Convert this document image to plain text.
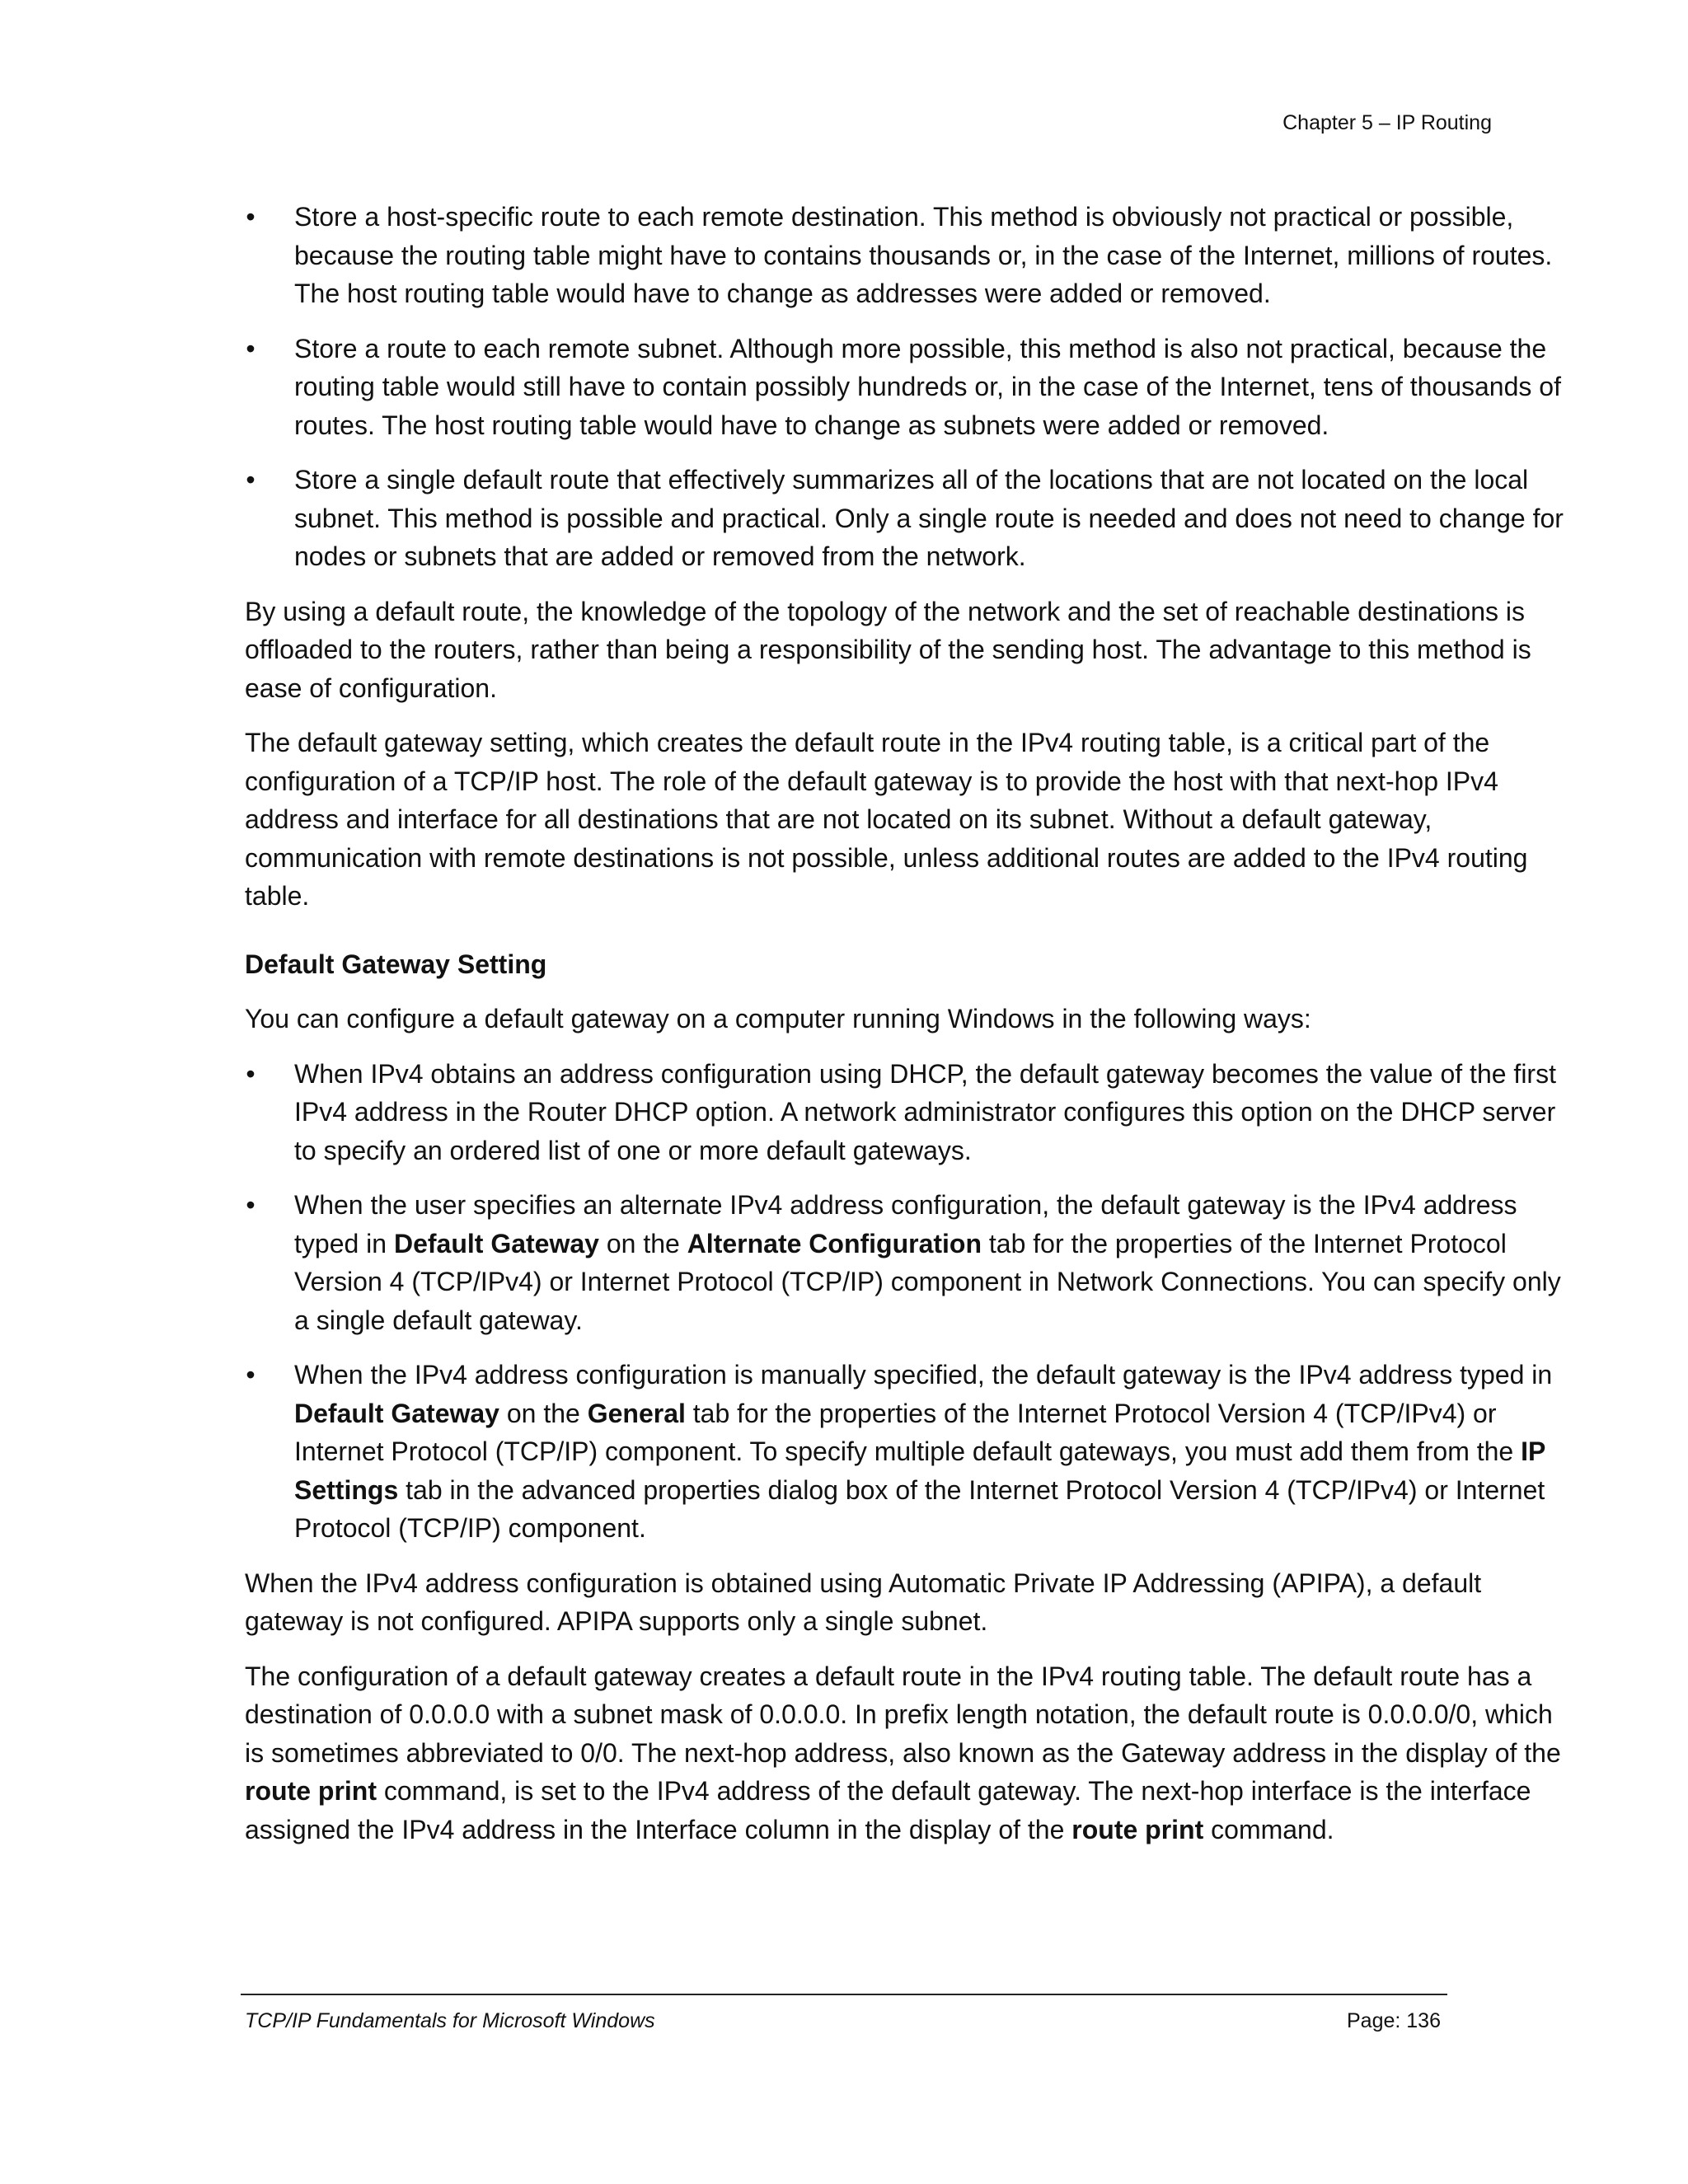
Chapter 5 – IP Routing

• Store a host-specific route to each remote destination. This method is obviously not practical or possible, because the routing table might have to contains thousands or, in the case of the Internet, millions of routes. The host routing table would have to change as addresses were added or removed.
• Store a route to each remote subnet. Although more possible, this method is also not practical, because the routing table would still have to contain possibly hundreds or, in the case of the Internet, tens of thousands of routes. The host routing table would have to change as subnets were added or removed.
• Store a single default route that effectively summarizes all of the locations that are not located on the local subnet. This method is possible and practical. Only a single route is needed and does not need to change for nodes or subnets that are added or removed from the network.

By using a default route, the knowledge of the topology of the network and the set of reachable destinations is offloaded to the routers, rather than being a responsibility of the sending host. The advantage to this method is ease of configuration.

The default gateway setting, which creates the default route in the IPv4 routing table, is a critical part of the configuration of a TCP/IP host. The role of the default gateway is to provide the host with that next-hop IPv4 address and interface for all destinations that are not located on its subnet. Without a default gateway, communication with remote destinations is not possible, unless additional routes are added to the IPv4 routing table.

Default Gateway Setting

You can configure a default gateway on a computer running Windows in the following ways:

• When IPv4 obtains an address configuration using DHCP, the default gateway becomes the value of the first IPv4 address in the Router DHCP option. A network administrator configures this option on the DHCP server to specify an ordered list of one or more default gateways.
• When the user specifies an alternate IPv4 address configuration, the default gateway is the IPv4 address typed in Default Gateway on the Alternate Configuration tab for the properties of the Internet Protocol Version 4 (TCP/IPv4) or Internet Protocol (TCP/IP) component in Network Connections. You can specify only a single default gateway.
• When the IPv4 address configuration is manually specified, the default gateway is the IPv4 address typed in Default Gateway on the General tab for the properties of the Internet Protocol Version 4 (TCP/IPv4) or Internet Protocol (TCP/IP) component. To specify multiple default gateways, you must add them from the IP Settings tab in the advanced properties dialog box of the Internet Protocol Version 4 (TCP/IPv4) or Internet Protocol (TCP/IP) component.

When the IPv4 address configuration is obtained using Automatic Private IP Addressing (APIPA), a default gateway is not configured. APIPA supports only a single subnet.

The configuration of a default gateway creates a default route in the IPv4 routing table. The default route has a destination of 0.0.0.0 with a subnet mask of 0.0.0.0. In prefix length notation, the default route is 0.0.0.0/0, which is sometimes abbreviated to 0/0. The next-hop address, also known as the Gateway address in the display of the route print command, is set to the IPv4 address of the default gateway. The next-hop interface is the interface assigned the IPv4 address in the Interface column in the display of the route print command.

TCP/IP Fundamentals for Microsoft Windows	Page: 136
